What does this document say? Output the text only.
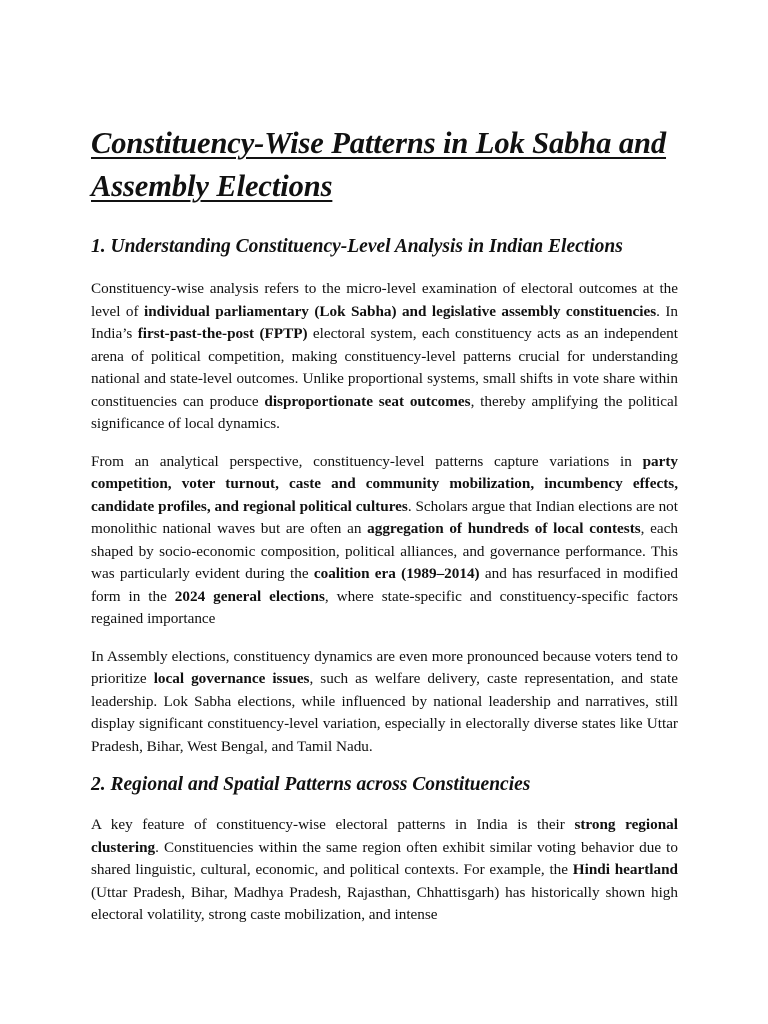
Constituency-Wise Patterns in Lok Sabha and Assembly Elections
1. Understanding Constituency-Level Analysis in Indian Elections

Constituency-wise analysis refers to the micro-level examination of electoral outcomes at the level of individual parliamentary (Lok Sabha) and legislative assembly constituencies. In India’s first-past-the-post (FPTP) electoral system, each constituency acts as an independent arena of political competition, making constituency-level patterns crucial for understanding national and state-level outcomes. Unlike proportional systems, small shifts in vote share within constituencies can produce disproportionate seat outcomes, thereby amplifying the political significance of local dynamics.

From an analytical perspective, constituency-level patterns capture variations in party competition, voter turnout, caste and community mobilization, incumbency effects, candidate profiles, and regional political cultures. Scholars argue that Indian elections are not monolithic national waves but are often an aggregation of hundreds of local contests, each shaped by socio-economic composition, political alliances, and governance performance. This was particularly evident during the coalition era (1989–2014) and has resurfaced in modified form in the 2024 general elections, where state-specific and constituency-specific factors regained importance

In Assembly elections, constituency dynamics are even more pronounced because voters tend to prioritize local governance issues, such as welfare delivery, caste representation, and state leadership. Lok Sabha elections, while influenced by national leadership and narratives, still display significant constituency-level variation, especially in electorally diverse states like Uttar Pradesh, Bihar, West Bengal, and Tamil Nadu.

2. Regional and Spatial Patterns across Constituencies

A key feature of constituency-wise electoral patterns in India is their strong regional clustering. Constituencies within the same region often exhibit similar voting behavior due to shared linguistic, cultural, economic, and political contexts. For example, the Hindi heartland (Uttar Pradesh, Bihar, Madhya Pradesh, Rajasthan, Chhattisgarh) has historically shown high electoral volatility, strong caste mobilization, and intense
